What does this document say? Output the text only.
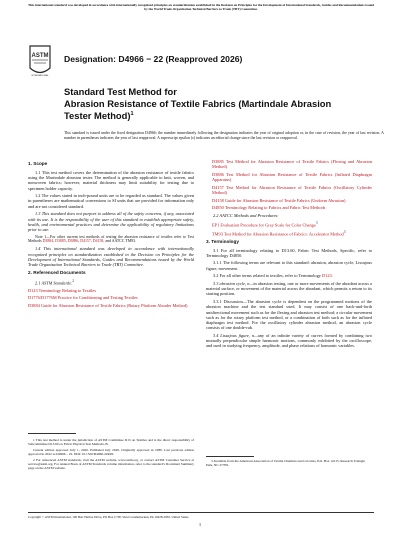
This international standard was developed in accordance with internationally recognized principles on standardization established in the Decision on Principles for the Development of International Standards, Guides and Recommendations issued by the World Trade Organization Technical Barriers to Trade (TBT) Committee.
ASTM
INTERNATIONAL
Designation: D4966 − 22 (Reapproved 2026)
Standard Test Method for
Abrasion Resistance of Textile Fabrics (Martindale Abrasion
Tester Method)$^1$
This standard is issued under the fixed designation D4966; the number immediately following the designation indicates the year of original adoption or, in the case of revision, the year of last revision. A number in parentheses indicates the year of last reapproval. A superscript epsilon (ε) indicates an editorial change since the last revision or reapproval.
1. Scope

1.1 This test method covers the determination of the abrasion resistance of textile fabrics using the Martindale abrasion tester. The method is generally applicable to knit, woven, and nonwoven fabrics; however, material thickness may limit suitability for testing due to specimen holder capacity.

1.2 The values stated in inch-pound units are to be regarded as standard. The values given in parentheses are mathematical conversions to SI units that are provided for information only and are not considered standard.

1.3 This standard does not purport to address all of the safety concerns, if any, associated with its use. It is the responsibility of the user of this standard to establish appropriate safety, health, and environmental practices and determine the applicability of regulatory limitations prior to use.

Note 1—For other current test methods of testing the abrasion resistance of textiles refer to Test Methods D3884, D3885, D3886, D4157, D4158, and AATCC TM93.

1.4 This international standard was developed in accordance with internationally recognized principles on standardization established in the Decision on Principles for the Development of International Standards, Guides and Recommendations issued by the World Trade Organization Technical Barriers to Trade (TBT) Committee.

2. Referenced Documents

2.1 ASTM Standards:$^2$

D123 Terminology Relating to Textiles

D1776/D1776M Practice for Conditioning and Testing Textiles

D3884 Guide for Abrasion Resistance of Textile Fabrics (Rotary Platform Abrader Method)

D3885 Test Method for Abrasion Resistance of Textile Fabrics (Flexing and Abrasion Method)

D3886 Test Method for Abrasion Resistance of Textile Fabrics (Inflated Diaphragm Apparatus)

D4157 Test Method for Abrasion Resistance of Textile Fabrics (Oscillatory Cylinder Method)

D4158 Guide for Abrasion Resistance of Textile Fabrics (Uniform Abrasion)

D4850 Terminology Relating to Fabrics and Fabric Test Methods

2.2 AATCC Methods and Procedures:

EP1 Evaluation Procedure for Gray Scale for Color Change$^3$

TM93 Test Method for Abrasion Resistance of Fabrics: Accelerator Method$^3$

3. Terminology

3.1 For all terminology relating to D13.60, Fabric Test Methods, Specific, refer to Terminology D4850.

3.1.1 The following terms are relevant to this standard: abrasion, abrasion cycle, Lissajous figure, movement.

3.2 For all other terms related to textiles, refer to Terminology D123.

3.3 abrasion cycle, n—in abrasion testing, one or more movements of the abradant across a material surface, or movement of the material across the abradant, which permits a return to its starting position.

3.3.1 Discussion—The abrasion cycle is dependent on the programmed motions of the abrasion machine and the test standard used. It may consist of one back-and-forth unidirectional movement such as for the flexing and abrasion test method; a circular movement such as for the rotary platform test method, or a combination of both such as for the inflated diaphragm test method. For the oscillatory cylinder abrasion method, an abrasion cycle consists of one double-rub.

3.4 Lissajous figure, n—any of an infinite variety of curves formed by combining two mutually perpendicular simple harmonic motions, commonly exhibited by the oscilloscope, and used in studying frequency, amplitude, and phase relations of harmonic variables.

1 This test method is under the jurisdiction of ASTM Committee D13 on Textiles and is the direct responsibility of Subcommittee D13.60 on Fabric Physical Test Methods, B.

Current edition approved July 1, 2026. Published July 2026. Originally approved in 1989. Last previous edition approved in 2022 as D4966 – 22. DOI: 10.1520/D4966-22R26.

2 For referenced ASTM standards, visit the ASTM website, www.astm.org, or contact ASTM Customer Service at service@astm.org. For Annual Book of ASTM Standards volume information, refer to the standard's Document Summary page on the ASTM website.

3 Available from the American Association of Textile Chemists and Colorists, P.O. Box 12215, Research Triangle Park, NC 27709.

Copyright © ASTM International, 100 Barr Harbor Drive, PO Box C700, West Conshohocken, PA 19428-2959. United States
1
